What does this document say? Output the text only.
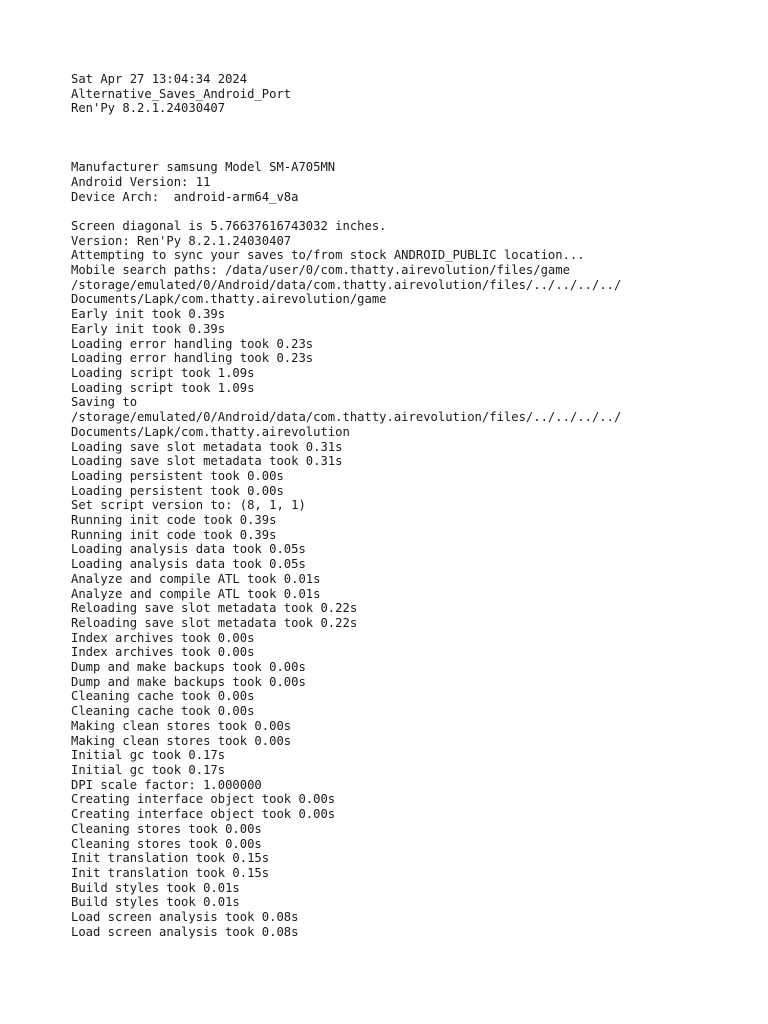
Sat Apr 27 13:04:34 2024
Alternative_Saves_Android_Port
Ren'Py 8.2.1.24030407
Manufacturer samsung Model SM-A705MN
Android Version: 11
Device Arch:  android-arm64_v8a
Screen diagonal is 5.76637616743032 inches.
Version: Ren'Py 8.2.1.24030407
Attempting to sync your saves to/from stock ANDROID_PUBLIC location...
Mobile search paths: /data/user/0/com.thatty.airevolution/files/game
/storage/emulated/0/Android/data/com.thatty.airevolution/files/../../../../
Documents/Lapk/com.thatty.airevolution/game
Early init took 0.39s
Early init took 0.39s
Loading error handling took 0.23s
Loading error handling took 0.23s
Loading script took 1.09s
Loading script took 1.09s
Saving to
/storage/emulated/0/Android/data/com.thatty.airevolution/files/../../../../
Documents/Lapk/com.thatty.airevolution
Loading save slot metadata took 0.31s
Loading save slot metadata took 0.31s
Loading persistent took 0.00s
Loading persistent took 0.00s
Set script version to: (8, 1, 1)
Running init code took 0.39s
Running init code took 0.39s
Loading analysis data took 0.05s
Loading analysis data took 0.05s
Analyze and compile ATL took 0.01s
Analyze and compile ATL took 0.01s
Reloading save slot metadata took 0.22s
Reloading save slot metadata took 0.22s
Index archives took 0.00s
Index archives took 0.00s
Dump and make backups took 0.00s
Dump and make backups took 0.00s
Cleaning cache took 0.00s
Cleaning cache took 0.00s
Making clean stores took 0.00s
Making clean stores took 0.00s
Initial gc took 0.17s
Initial gc took 0.17s
DPI scale factor: 1.000000
Creating interface object took 0.00s
Creating interface object took 0.00s
Cleaning stores took 0.00s
Cleaning stores took 0.00s
Init translation took 0.15s
Init translation took 0.15s
Build styles took 0.01s
Build styles took 0.01s
Load screen analysis took 0.08s
Load screen analysis took 0.08s
